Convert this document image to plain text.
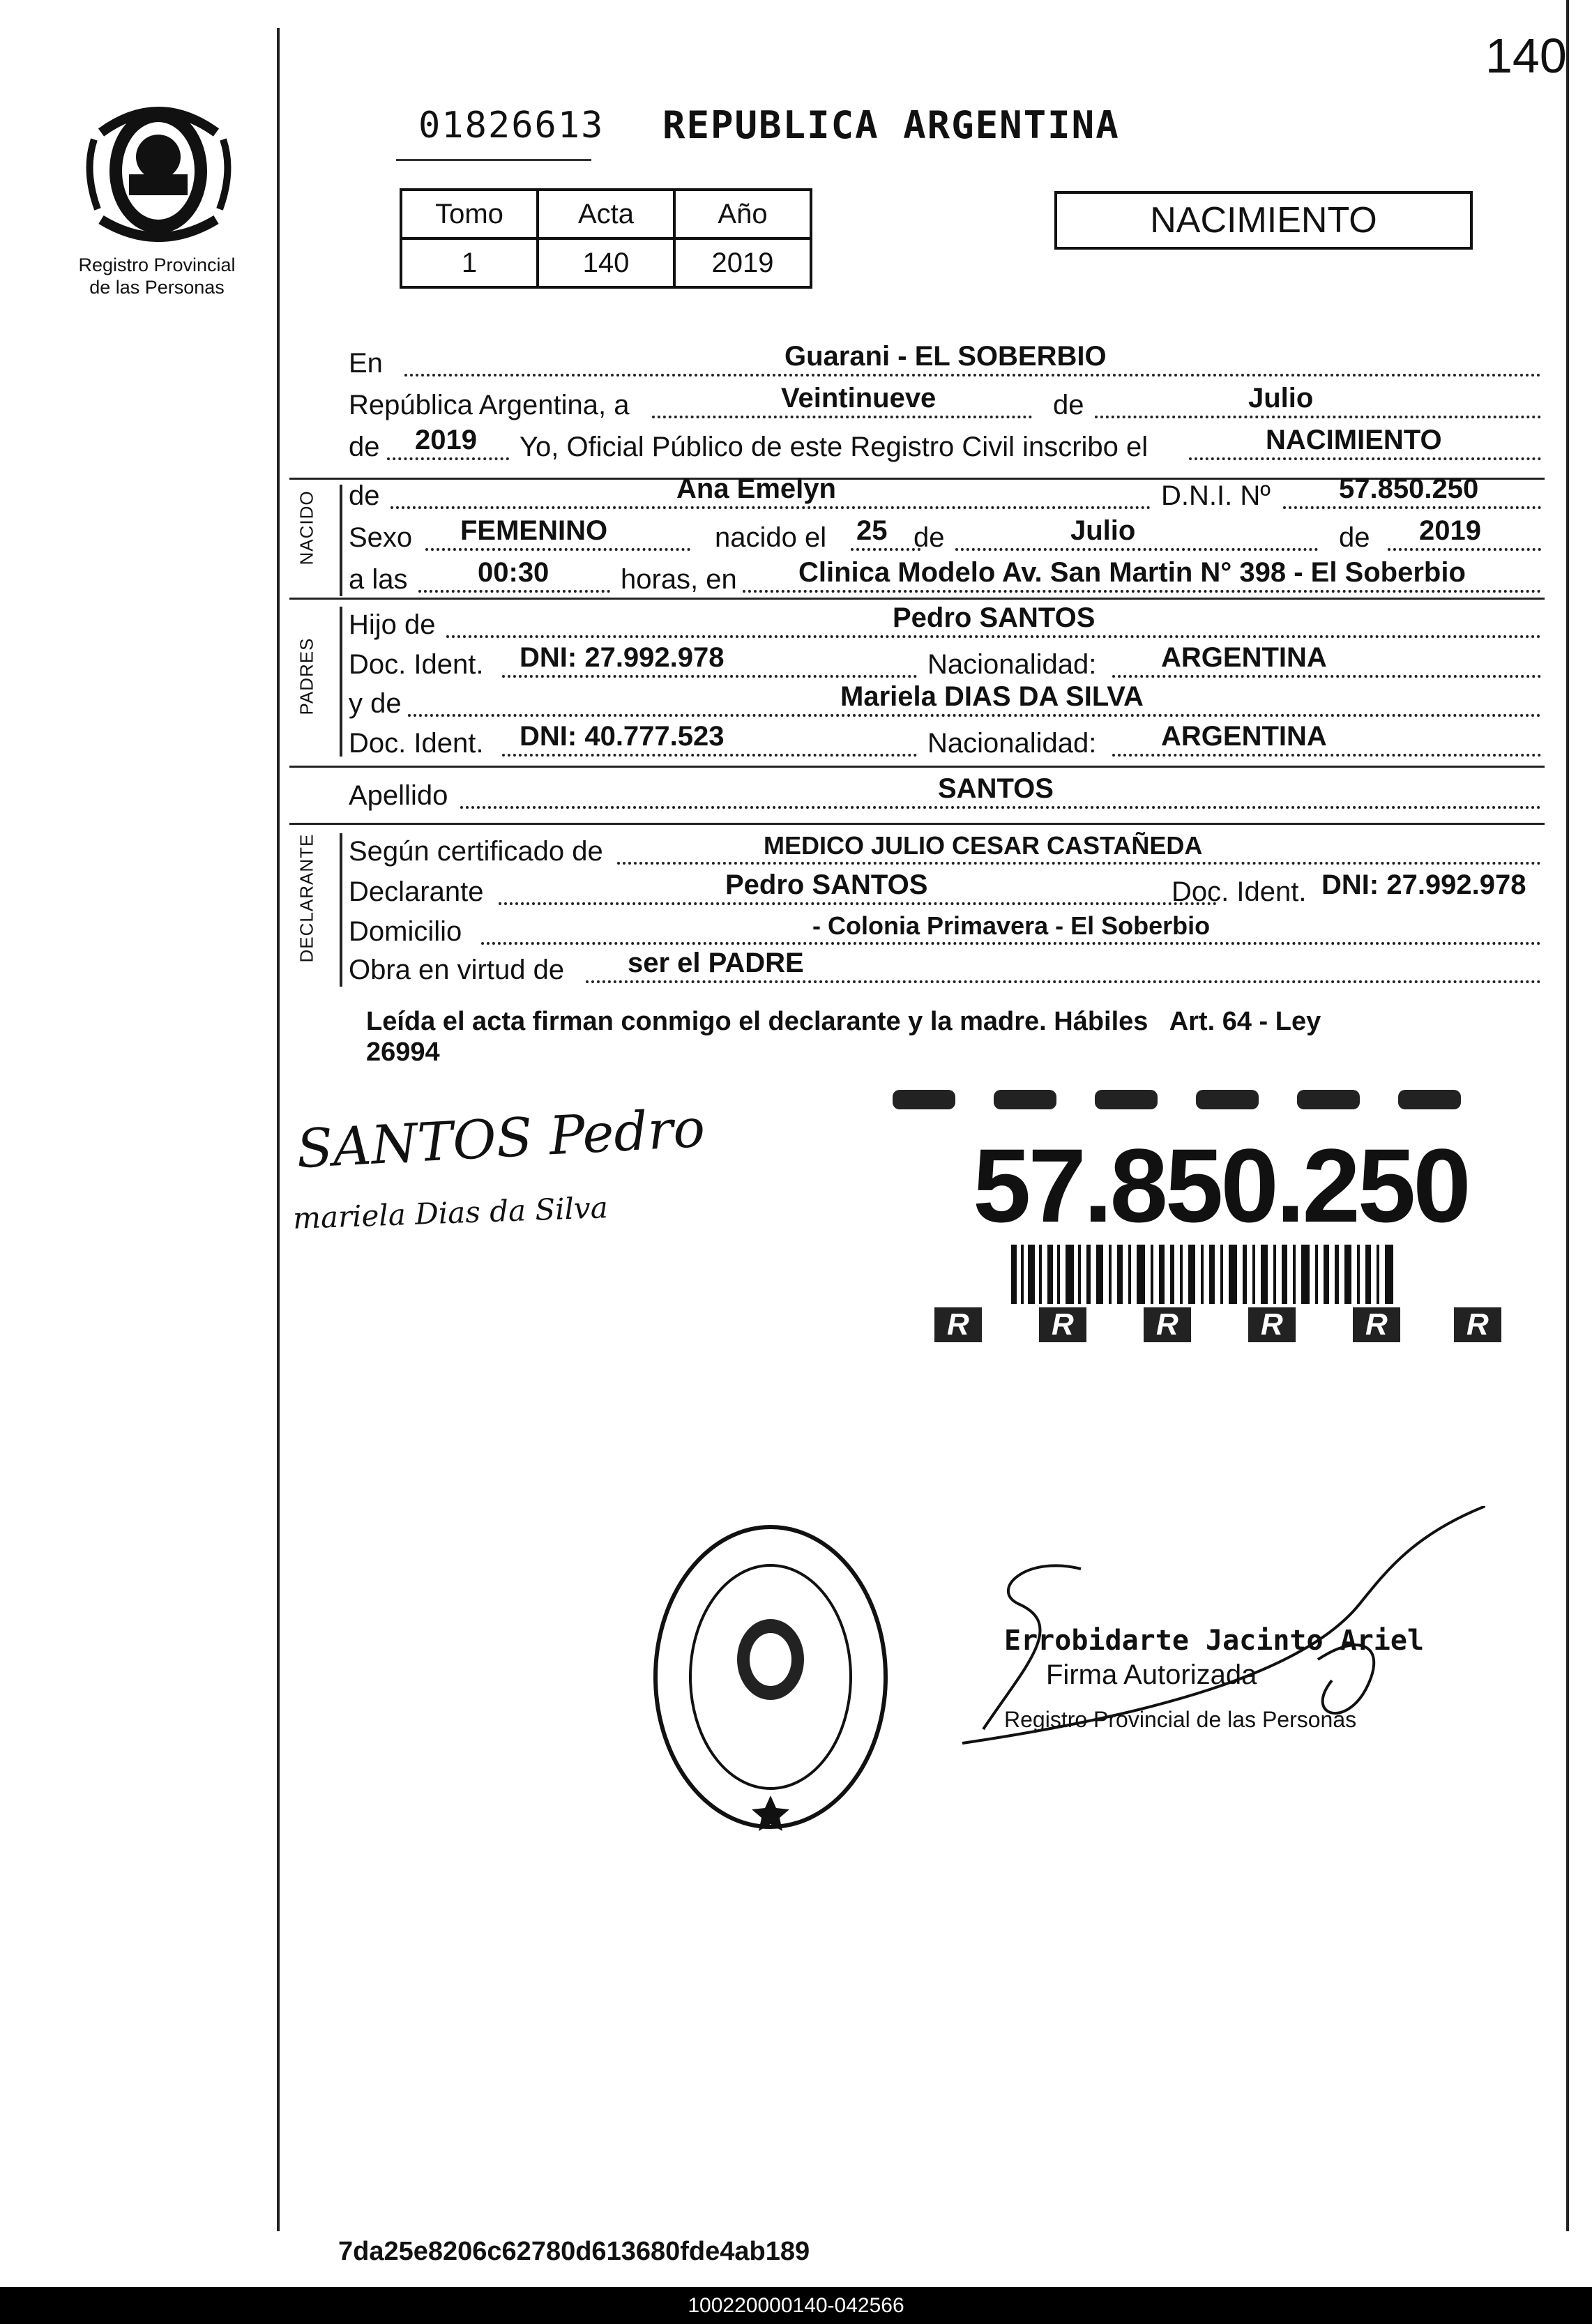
140
Registro Provincial
de las Personas
01826613 REPUBLICA ARGENTINA
Tomo	Acta	Año
1	140	2019
NACIMIENTO
En	Guarani - EL SOBERBIO
República Argentina, a	Veintinueve	de	Julio
de 2019 Yo, Oficial Público de este Registro Civil inscribo el	NACIMIENTO
NACIDO de	Ana Emelyn	D.N.I. Nº 57.850.250
Sexo FEMENINO	nacido el 25 de	Julio	de 2019
a las	00:30	horas, en Clinica Modelo Av. San Martin N° 398 - El Soberbio
PADRES
Hijo de	Pedro SANTOS
Doc. Ident. DNI: 27.992.978	Nacionalidad: ARGENTINA
y de	Mariela DIAS DA SILVA
Doc. Ident. DNI: 40.777.523	Nacionalidad: ARGENTINA
Apellido	SANTOS
DECLARANTE Según certificado de	MEDICO JULIO CESAR CASTAÑEDA
Declarante	Pedro SANTOS	Doc. Ident. DNI: 27.992.978
Domicilio	- Colonia Primavera - El Soberbio
Obra en virtud de ser el PADRE
Leída el acta firman conmigo el declarante y la madre. Hábiles   Art. 64 - Ley
26994
SANTOS Pedro
mariela Dias da Silva	57.850.250
R	R	R	R	R	R
Errobidarte Jacinto Ariel
Firma Autorizada
Registro Provincial de las Personas
7da25e8206c62780d613680fde4ab189
100220000140-042566
